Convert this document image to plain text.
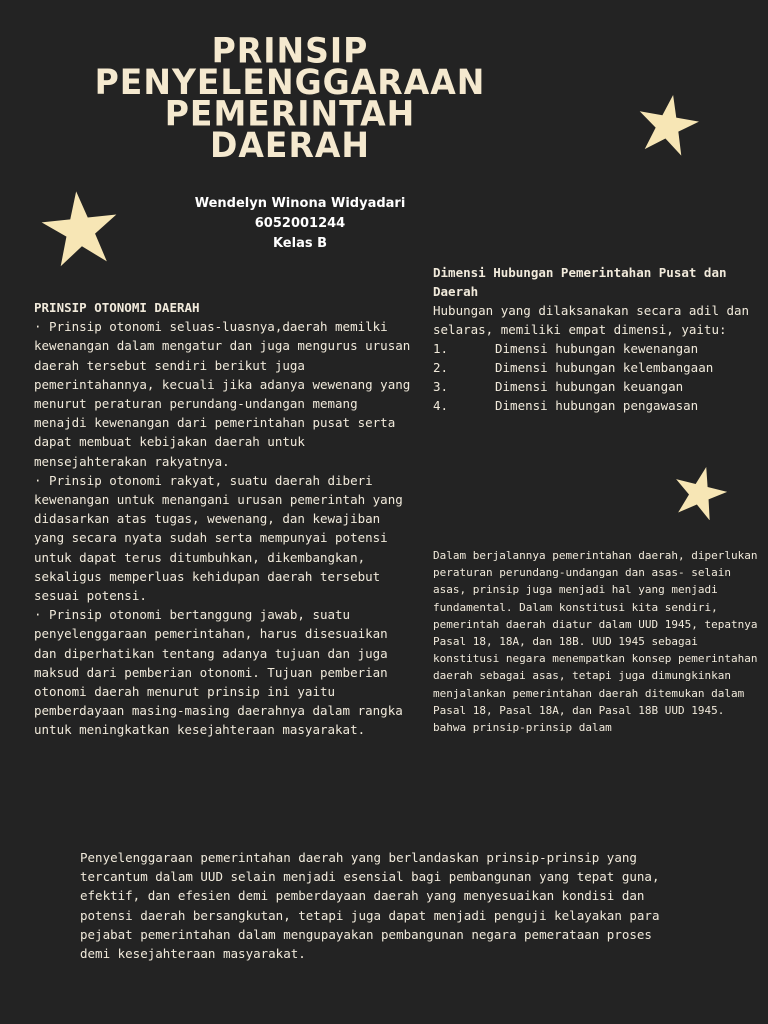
PRINSIP
PENYELENGGARAAN
PEMERINTAH
DAERAH
Wendelyn Winona Widyadari
6052001244
Kelas B
PRINSIP OTONOMI DAERAH
· Prinsip otonomi seluas-luasnya,daerah memilki kewenangan dalam mengatur dan juga mengurus urusan daerah tersebut sendiri berikut juga pemerintahannya, kecuali jika adanya wewenang yang menurut peraturan perundang-undangan memang menajdi kewenangan dari pemerintahan pusat serta dapat membuat kebijakan daerah untuk mensejahterakan rakyatnya.
· Prinsip otonomi rakyat, suatu daerah diberi kewenangan untuk menangani urusan pemerintah yang didasarkan atas tugas, wewenang, dan kewajiban yang secara nyata sudah serta mempunyai potensi untuk dapat terus ditumbuhkan, dikembangkan, sekaligus memperluas kehidupan daerah tersebut sesuai potensi.
· Prinsip otonomi bertanggung jawab, suatu penyelenggaraan pemerintahan, harus disesuaikan dan diperhatikan tentang adanya tujuan dan juga maksud dari pemberian otonomi. Tujuan pemberian otonomi daerah menurut prinsip ini yaitu pemberdayaan masing-masing daerahnya dalam rangka untuk meningkatkan kesejahteraan masyarakat.
Dimensi Hubungan Pemerintahan Pusat dan Daerah
Hubungan yang dilaksanakan secara adil dan selaras, memiliki empat dimensi, yaitu:
1.	Dimensi hubungan kewenangan
2.	Dimensi hubungan kelembangaan
3.	Dimensi hubungan keuangan
4.	Dimensi hubungan pengawasan
Dalam berjalannya pemerintahan daerah, diperlukan peraturan perundang-undangan dan asas- selain asas, prinsip juga menjadi hal yang menjadi fundamental. Dalam konstitusi kita sendiri, pemerintah daerah diatur dalam UUD 1945, tepatnya Pasal 18, 18A, dan 18B. UUD 1945 sebagai konstitusi negara menempatkan konsep pemerintahan daerah sebagai asas, tetapi juga dimungkinkan menjalankan pemerintahan daerah ditemukan dalam Pasal 18, Pasal 18A, dan Pasal 18B UUD 1945. bahwa prinsip-prinsip dalam
Penyelenggaraan pemerintahan daerah yang berlandaskan prinsip-prinsip yang tercantum dalam UUD selain menjadi esensial bagi pembangunan yang tepat guna, efektif, dan efesien demi pemberdayaan daerah yang menyesuaikan kondisi dan potensi daerah bersangkutan, tetapi juga dapat menjadi penguji kelayakan para pejabat pemerintahan dalam mengupayakan pembangunan negara pemerataan proses demi kesejahteraan masyarakat.
